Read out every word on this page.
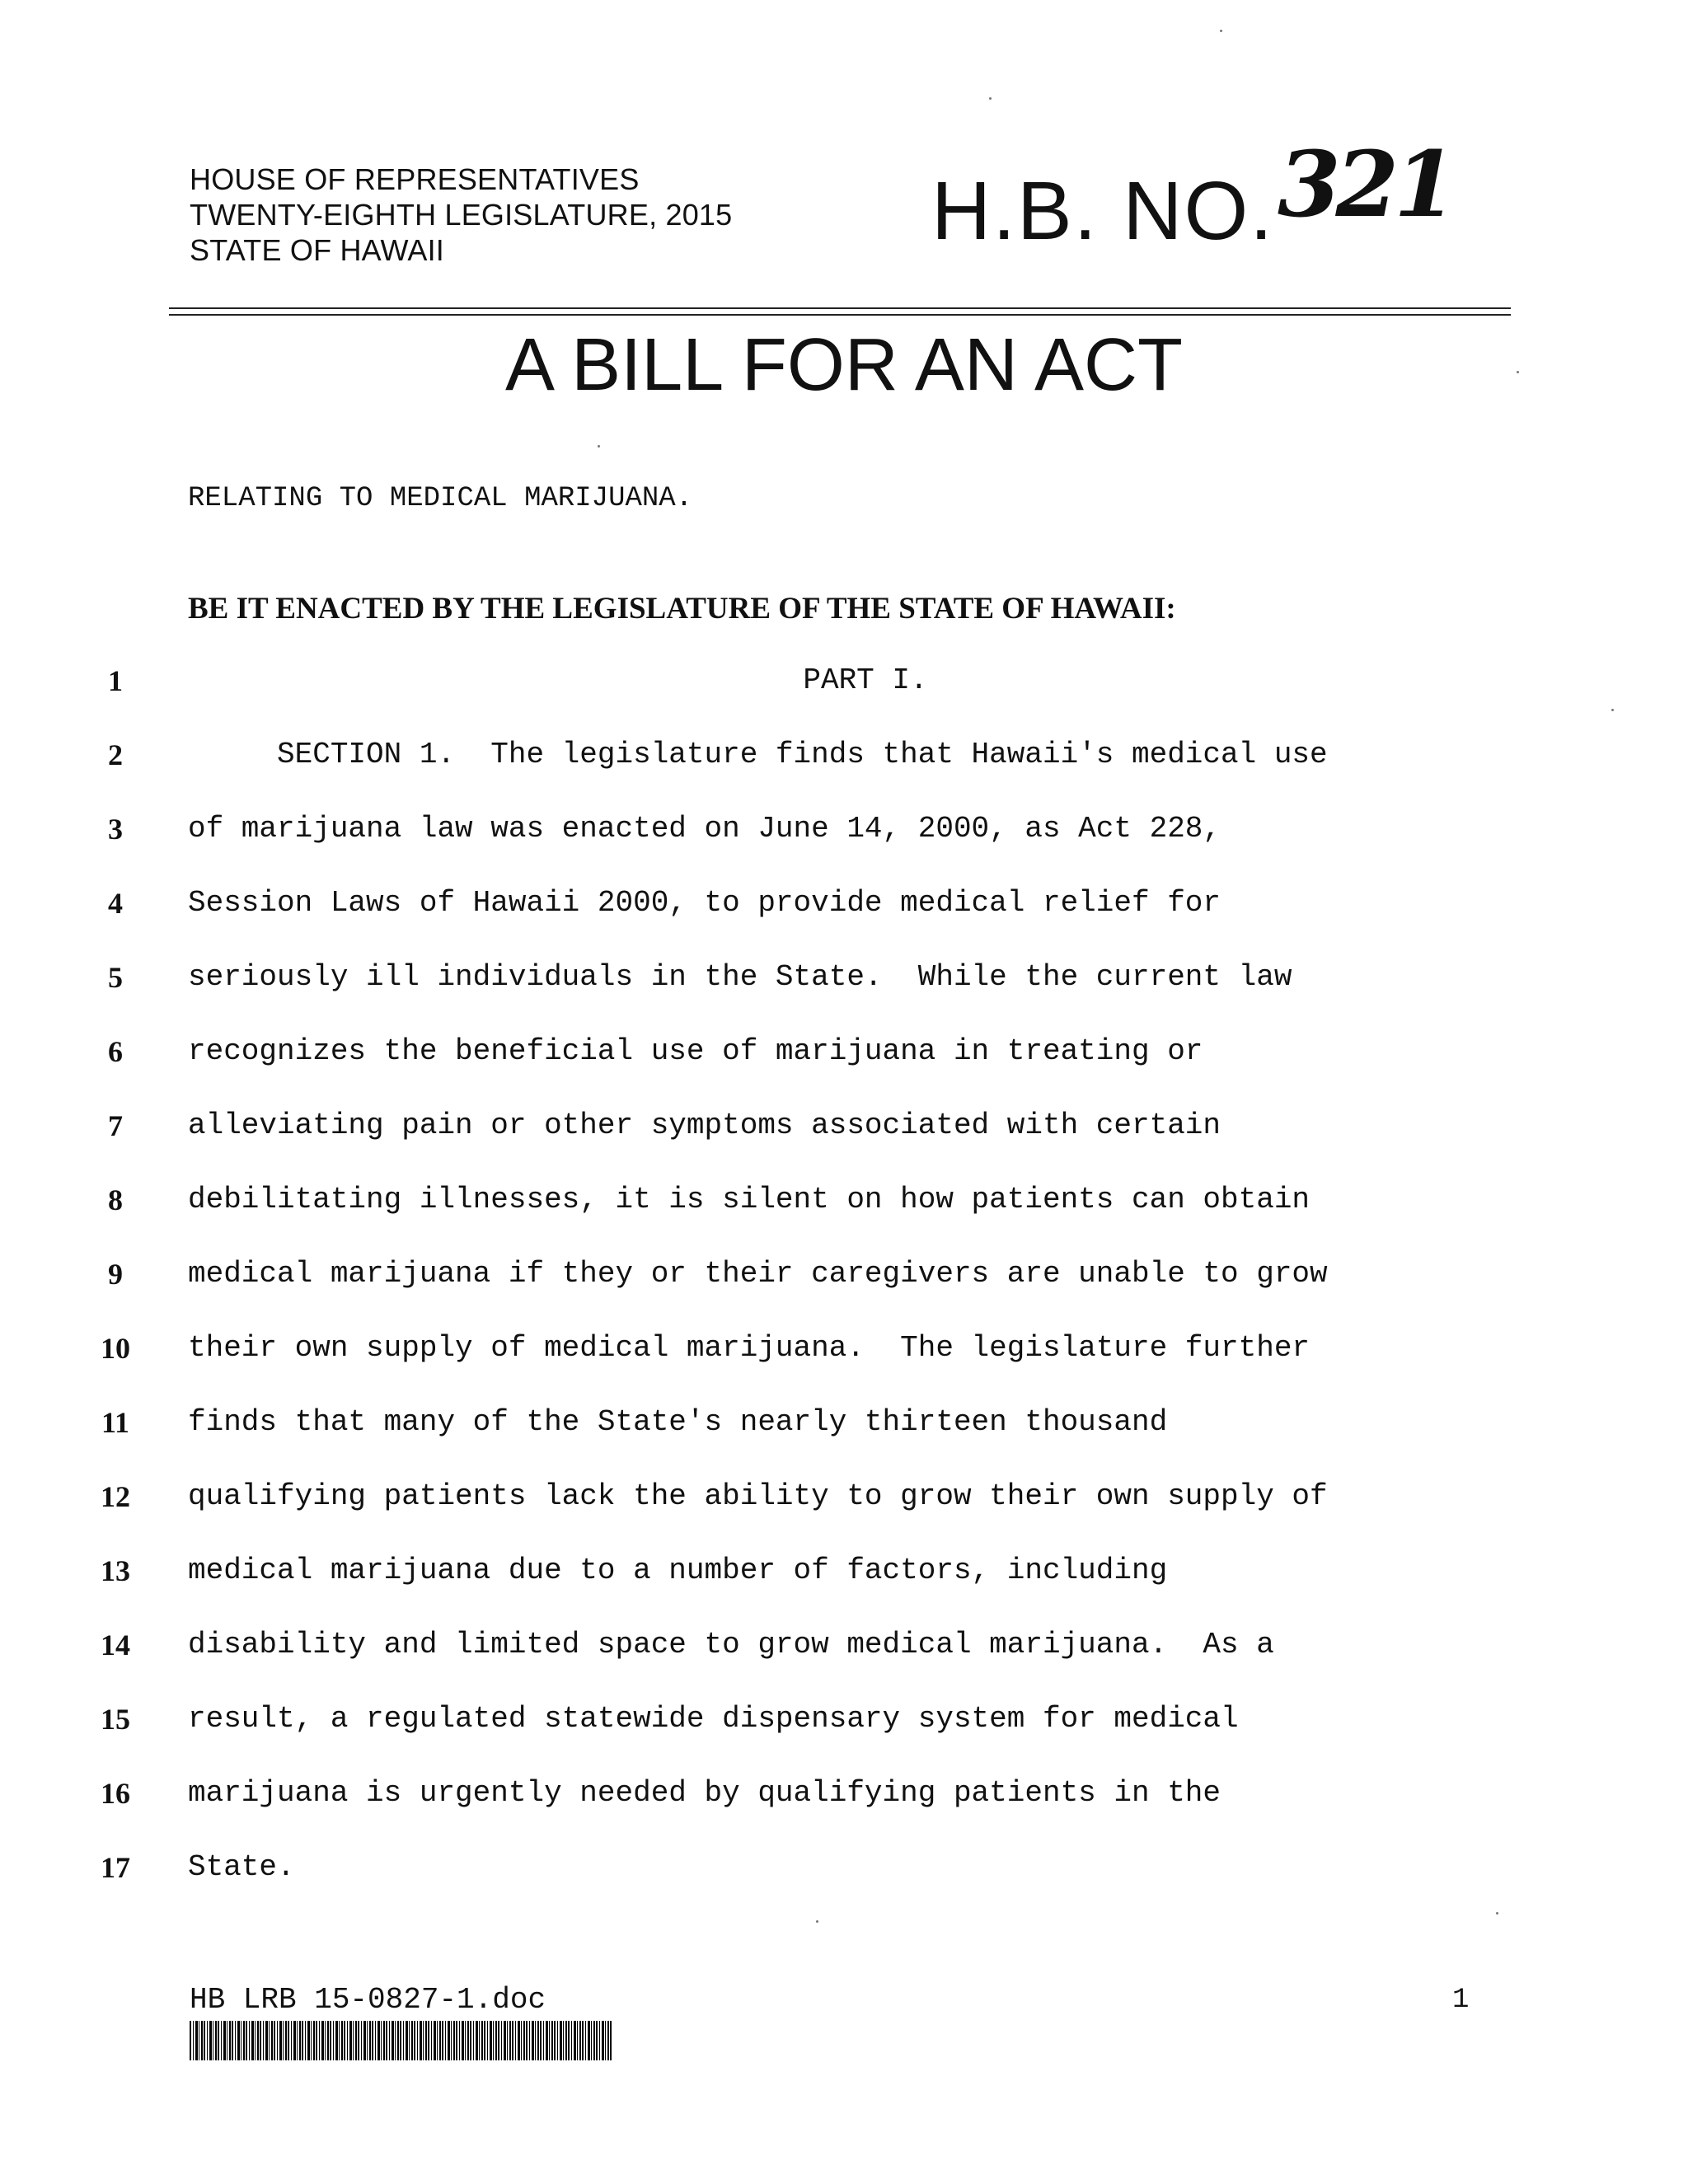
HOUSE OF REPRESENTATIVES
TWENTY-EIGHTH LEGISLATURE, 2015
STATE OF HAWAII	H.B. NO. 321
A BILL FOR AN ACT
RELATING TO MEDICAL MARIJUANA.
BE IT ENACTED BY THE LEGISLATURE OF THE STATE OF HAWAII:
1	PART I.
2	SECTION 1.  The legislature finds that Hawaii's medical use
3	of marijuana law was enacted on June 14, 2000, as Act 228,
4	Session Laws of Hawaii 2000, to provide medical relief for
5	seriously ill individuals in the State.  While the current law
6	recognizes the beneficial use of marijuana in treating or
7	alleviating pain or other symptoms associated with certain
8	debilitating illnesses, it is silent on how patients can obtain
9	medical marijuana if they or their caregivers are unable to grow
10	their own supply of medical marijuana.  The legislature further
11	finds that many of the State's nearly thirteen thousand
12	qualifying patients lack the ability to grow their own supply of
13	medical marijuana due to a number of factors, including
14	disability and limited space to grow medical marijuana.  As a
15	result, a regulated statewide dispensary system for medical
16	marijuana is urgently needed by qualifying patients in the
17	State.
HB LRB 15-0827-1.doc	1
